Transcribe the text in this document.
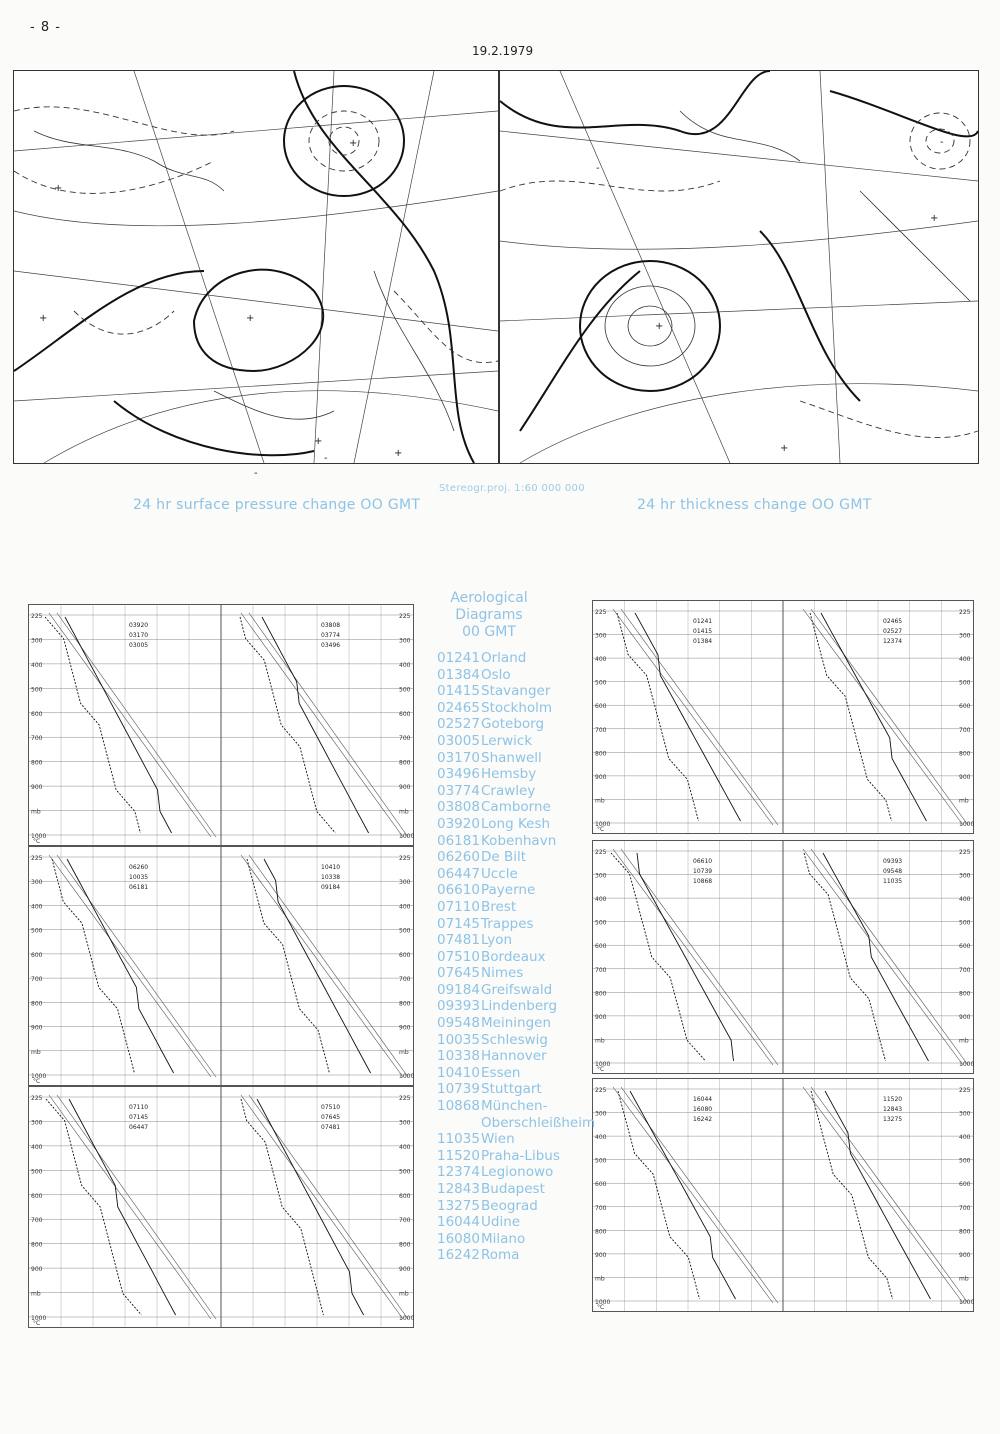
- 8 -
19.2.1979
+
+	+
+
+
+
-
-
+
+
+
-
-
24 hr surface pressure change OO GMT
Stereogr.proj. 1:60 000 000
24 hr thickness change OO GMT
225	225
300	300
400	400
500	500
600	600
700	700
800	800
900	900
mb	mb
1000	1000
03920
03170
03005
03808
03774
03496
°C
225	225
300	300
400	400
500	500
600	600
700	700
800	800
900	900
mb	mb
1000	1000
06260
10035
06181
10410
10338
09184
°C
225	225
300	300
400	400
500	500
600	600
700	700
800	800
900	900
mb	mb
1000	1000
07110
07145
06447
07510
07645
07481
°C
225	225
300	300
400	400
500	500
600	600
700	700
800	800
900	900
mb	mb
1000	1000
01241
01415
01384
02465
02527
12374
°C
225	225
300	300
400	400
500	500
600	600
700	700
800	800
900	900
mb	mb
1000	1000
06610
10739
10868
09393
09548
11035
°C
225	225
300	300
400	400
500	500
600	600
700	700
800	800
900	900
mb	mb
1000	1000
16044
16080
16242
11520
12843
13275
°C
Aerological
Diagrams
00 GMT
01241Orland
01384Oslo
01415Stavanger
02465Stockholm
02527Goteborg
03005Lerwick
03170Shanwell
03496Hemsby
03774Crawley
03808Camborne
03920Long Kesh
06181Kobenhavn
06260De Bilt
06447Uccle
06610Payerne
07110Brest
07145Trappes
07481Lyon
07510Bordeaux
07645Nimes
09184Greifswald
09393Lindenberg
09548Meiningen
10035Schleswig
10338Hannover
10410Essen
10739Stuttgart
10868München-
Oberschleißheim
11035Wien
11520Praha-Libus
12374Legionowo
12843Budapest
13275Beograd
16044Udine
16080Milano
16242Roma
